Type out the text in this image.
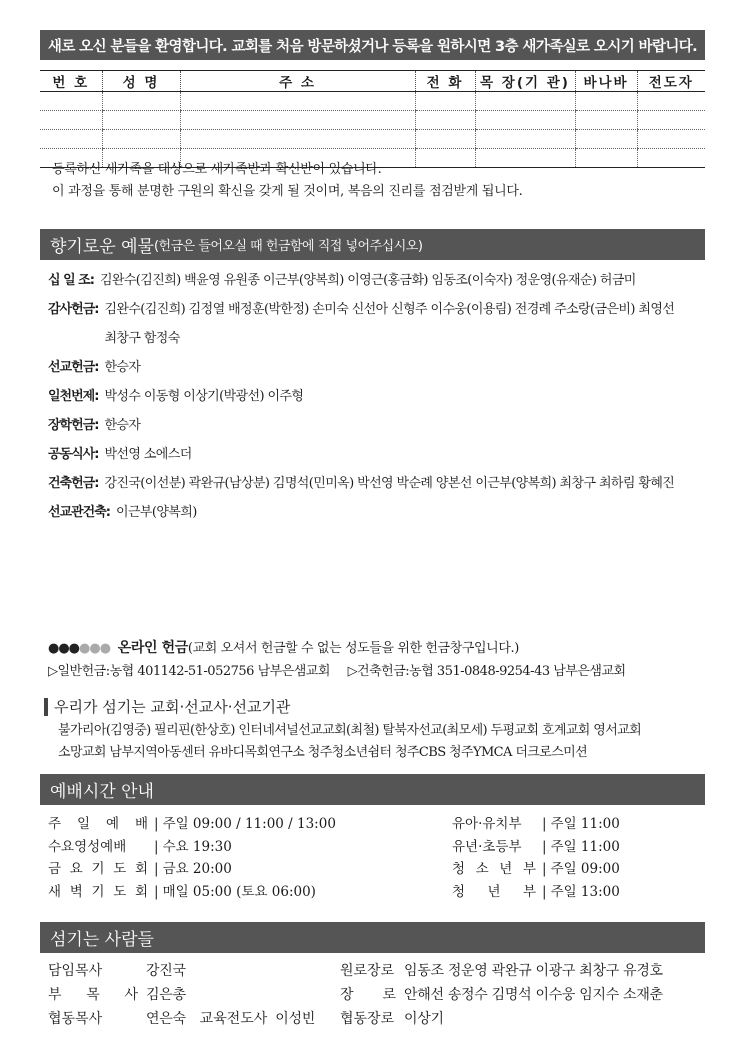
새로 오신 분들을 환영합니다. 교회를 처음 방문하셨거나 등록을 원하시면 3층 새가족실로 오시기 바랍니다.
번 호	성 명	주 소	전 화	목 장(기 관)	바나바	전도자

등록하신 새가족을 대상으로 새가족반과 확신반이 있습니다.
이 과정을 통해 분명한 구원의 확신을 갖게 될 것이며, 복음의 진리를 점검받게 됩니다.
향기로운 예물 (헌금은 들어오실 때 헌금함에 직접 넣어주십시오)
십 일 조: 김완수(김진희) 백윤영 유원종 이근부(양복희) 이영근(홍금화) 임동조(이숙자) 정운영(유재순) 허금미
감사헌금: 김완수(김진희) 김정열 배정훈(박한정) 손미숙 신선아 신형주 이수웅(이용림) 전경례 주소랑(금은비) 최영선 최창구 함정숙
선교헌금: 한승자
일천번제: 박성수 이동형 이상기(박광선) 이주형
장학헌금: 한승자
공동식사: 박선영 소에스더
건축헌금: 강진국(이선분) 곽완규(남상분) 김명석(민미옥) 박선영 박순례 양본선 이근부(양복희) 최창구 최하림 황혜진
선교관건축: 이근부(양복희)
●●●●●● 온라인 헌금(교회 오셔서 헌금할 수 없는 성도들을 위한 헌금창구입니다.)
▷일반헌금:농협 401142-51-052756 남부은샘교회 ▷건축헌금:농협 351-0848-9254-43 남부은샘교회
우리가 섬기는 교회·선교사·선교기관
불가리아(김영중) 필리핀(한상호) 인터네셔널선교교회(최철) 탈북자선교(최모세) 두평교회 호계교회 영서교회
소망교회 남부지역아동센터 유바디목회연구소 청주청소년쉼터 청주CBS 청주YMCA 더크로스미션
예배시간 안내
주 일 예 배 | 주일 09:00 / 11:00 / 13:00
수요영성예배	| 수요 19:30
금 요 기 도 회 | 금요 20:00
새 벽 기 도 회 | 매일 05:00 (토요 06:00)
유아·유치부	| 주일 11:00
유년·초등부	| 주일 11:00
청 소 년 부 | 주일 09:00
청 년 부 | 주일 13:00
섬기는 사람들
담임목사	강진국
부 목 사 김은총
협동목사	연은숙	교육전도사 이성빈
원로장로 임동조 정운영 곽완규 이광구 최창구 유경호
장 로 안해선 송정수 김명석 이수웅 임지수 소재춘
협동장로 이상기
